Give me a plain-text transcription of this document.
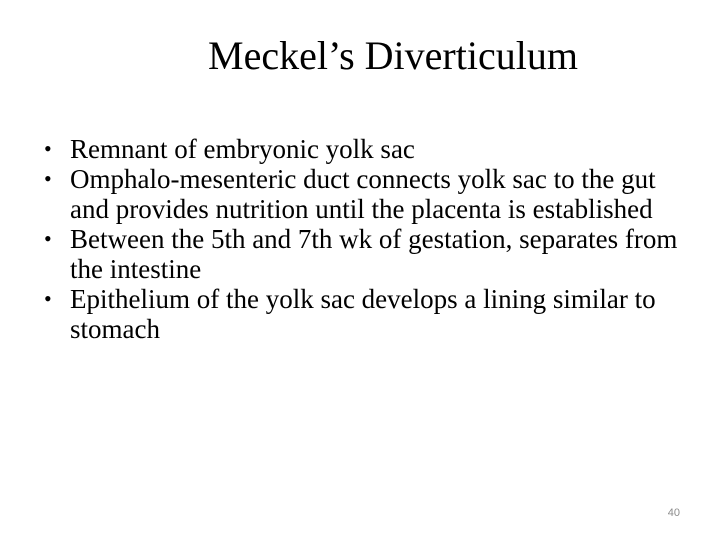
Meckel’s Diverticulum
• Remnant of embryonic yolk sac
• Omphalo-mesenteric duct connects yolk sac to the gut and provides nutrition until the placenta is established
• Between the 5th and 7th wk of gestation, separates from the intestine
• Epithelium of the yolk sac develops a lining similar to stomach
40
